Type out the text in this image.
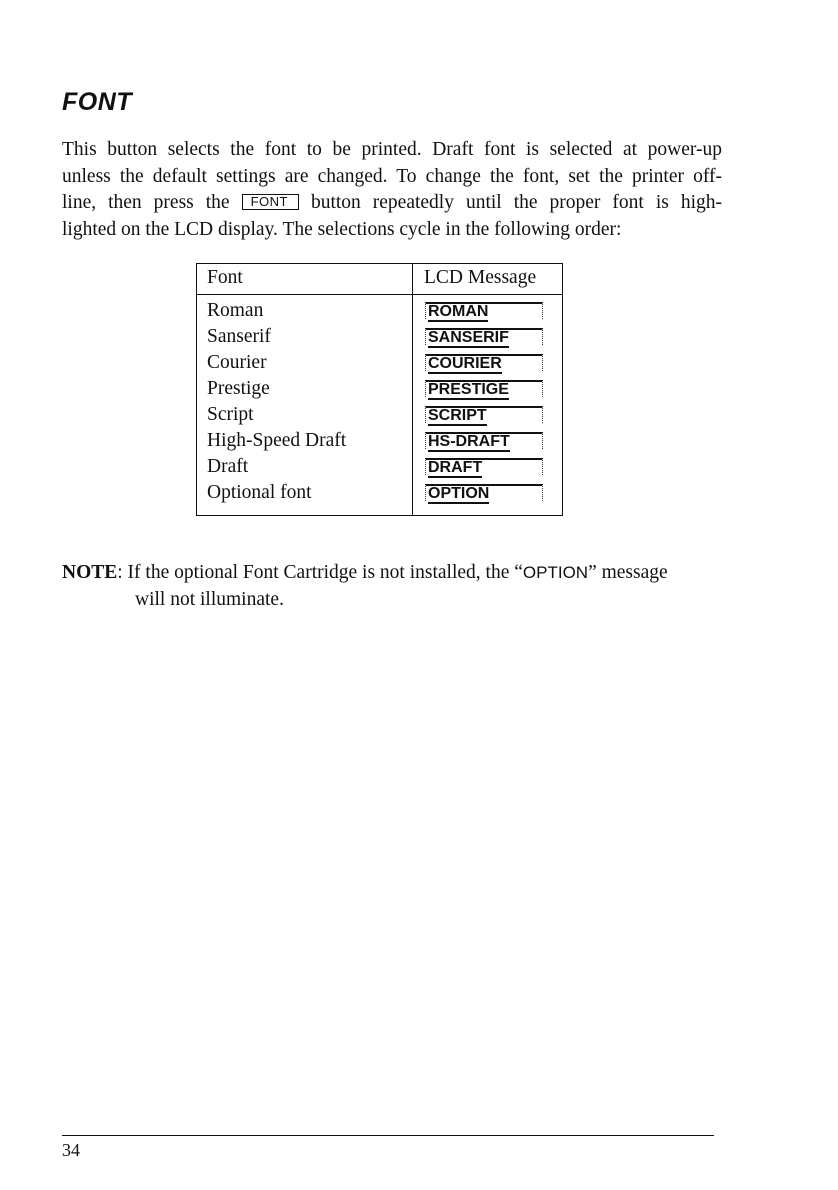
FONT

This button selects the font to be printed. Draft font is selected at power-up
unless the default settings are changed. To change the font, set the printer off-
line, then press the FONT button repeatedly until the proper font is high-
lighted on the LCD display. The selections cycle in the following order:

Font	LCD Message
Roman	ROMAN
Sanserif	SANSERIF
Courier	COURIER
Prestige	PRESTIGE
Script	SCRIPT
High-Speed Draft	HS-DRAFT
Draft	DRAFT
Optional font	OPTION

NOTE: If the optional Font Cartridge is not installed, the “OPTION” message
will not illuminate.

34
